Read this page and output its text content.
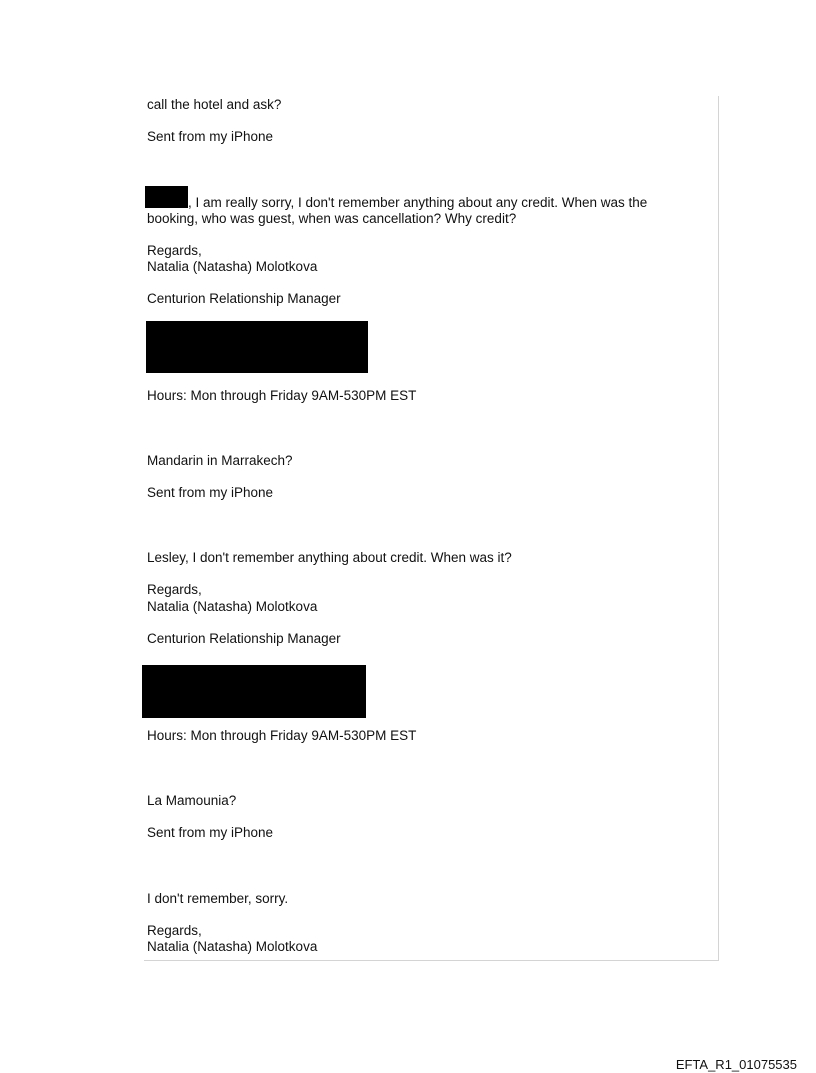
call the hotel and ask?

Sent from my iPhone

, I am really sorry, I don't remember anything about any credit. When was the

booking, who was guest, when was cancellation? Why credit?

Regards,

Natalia (Natasha) Molotkova

Centurion Relationship Manager

Hours: Mon through Friday 9AM-530PM EST

Mandarin in Marrakech?

Sent from my iPhone

Lesley, I don't remember anything about credit. When was it?

Regards,

Natalia (Natasha) Molotkova

Centurion Relationship Manager

Hours: Mon through Friday 9AM-530PM EST

La Mamounia?

Sent from my iPhone

I don't remember, sorry.

Regards,

Natalia (Natasha) Molotkova

EFTA_R1_01075535
